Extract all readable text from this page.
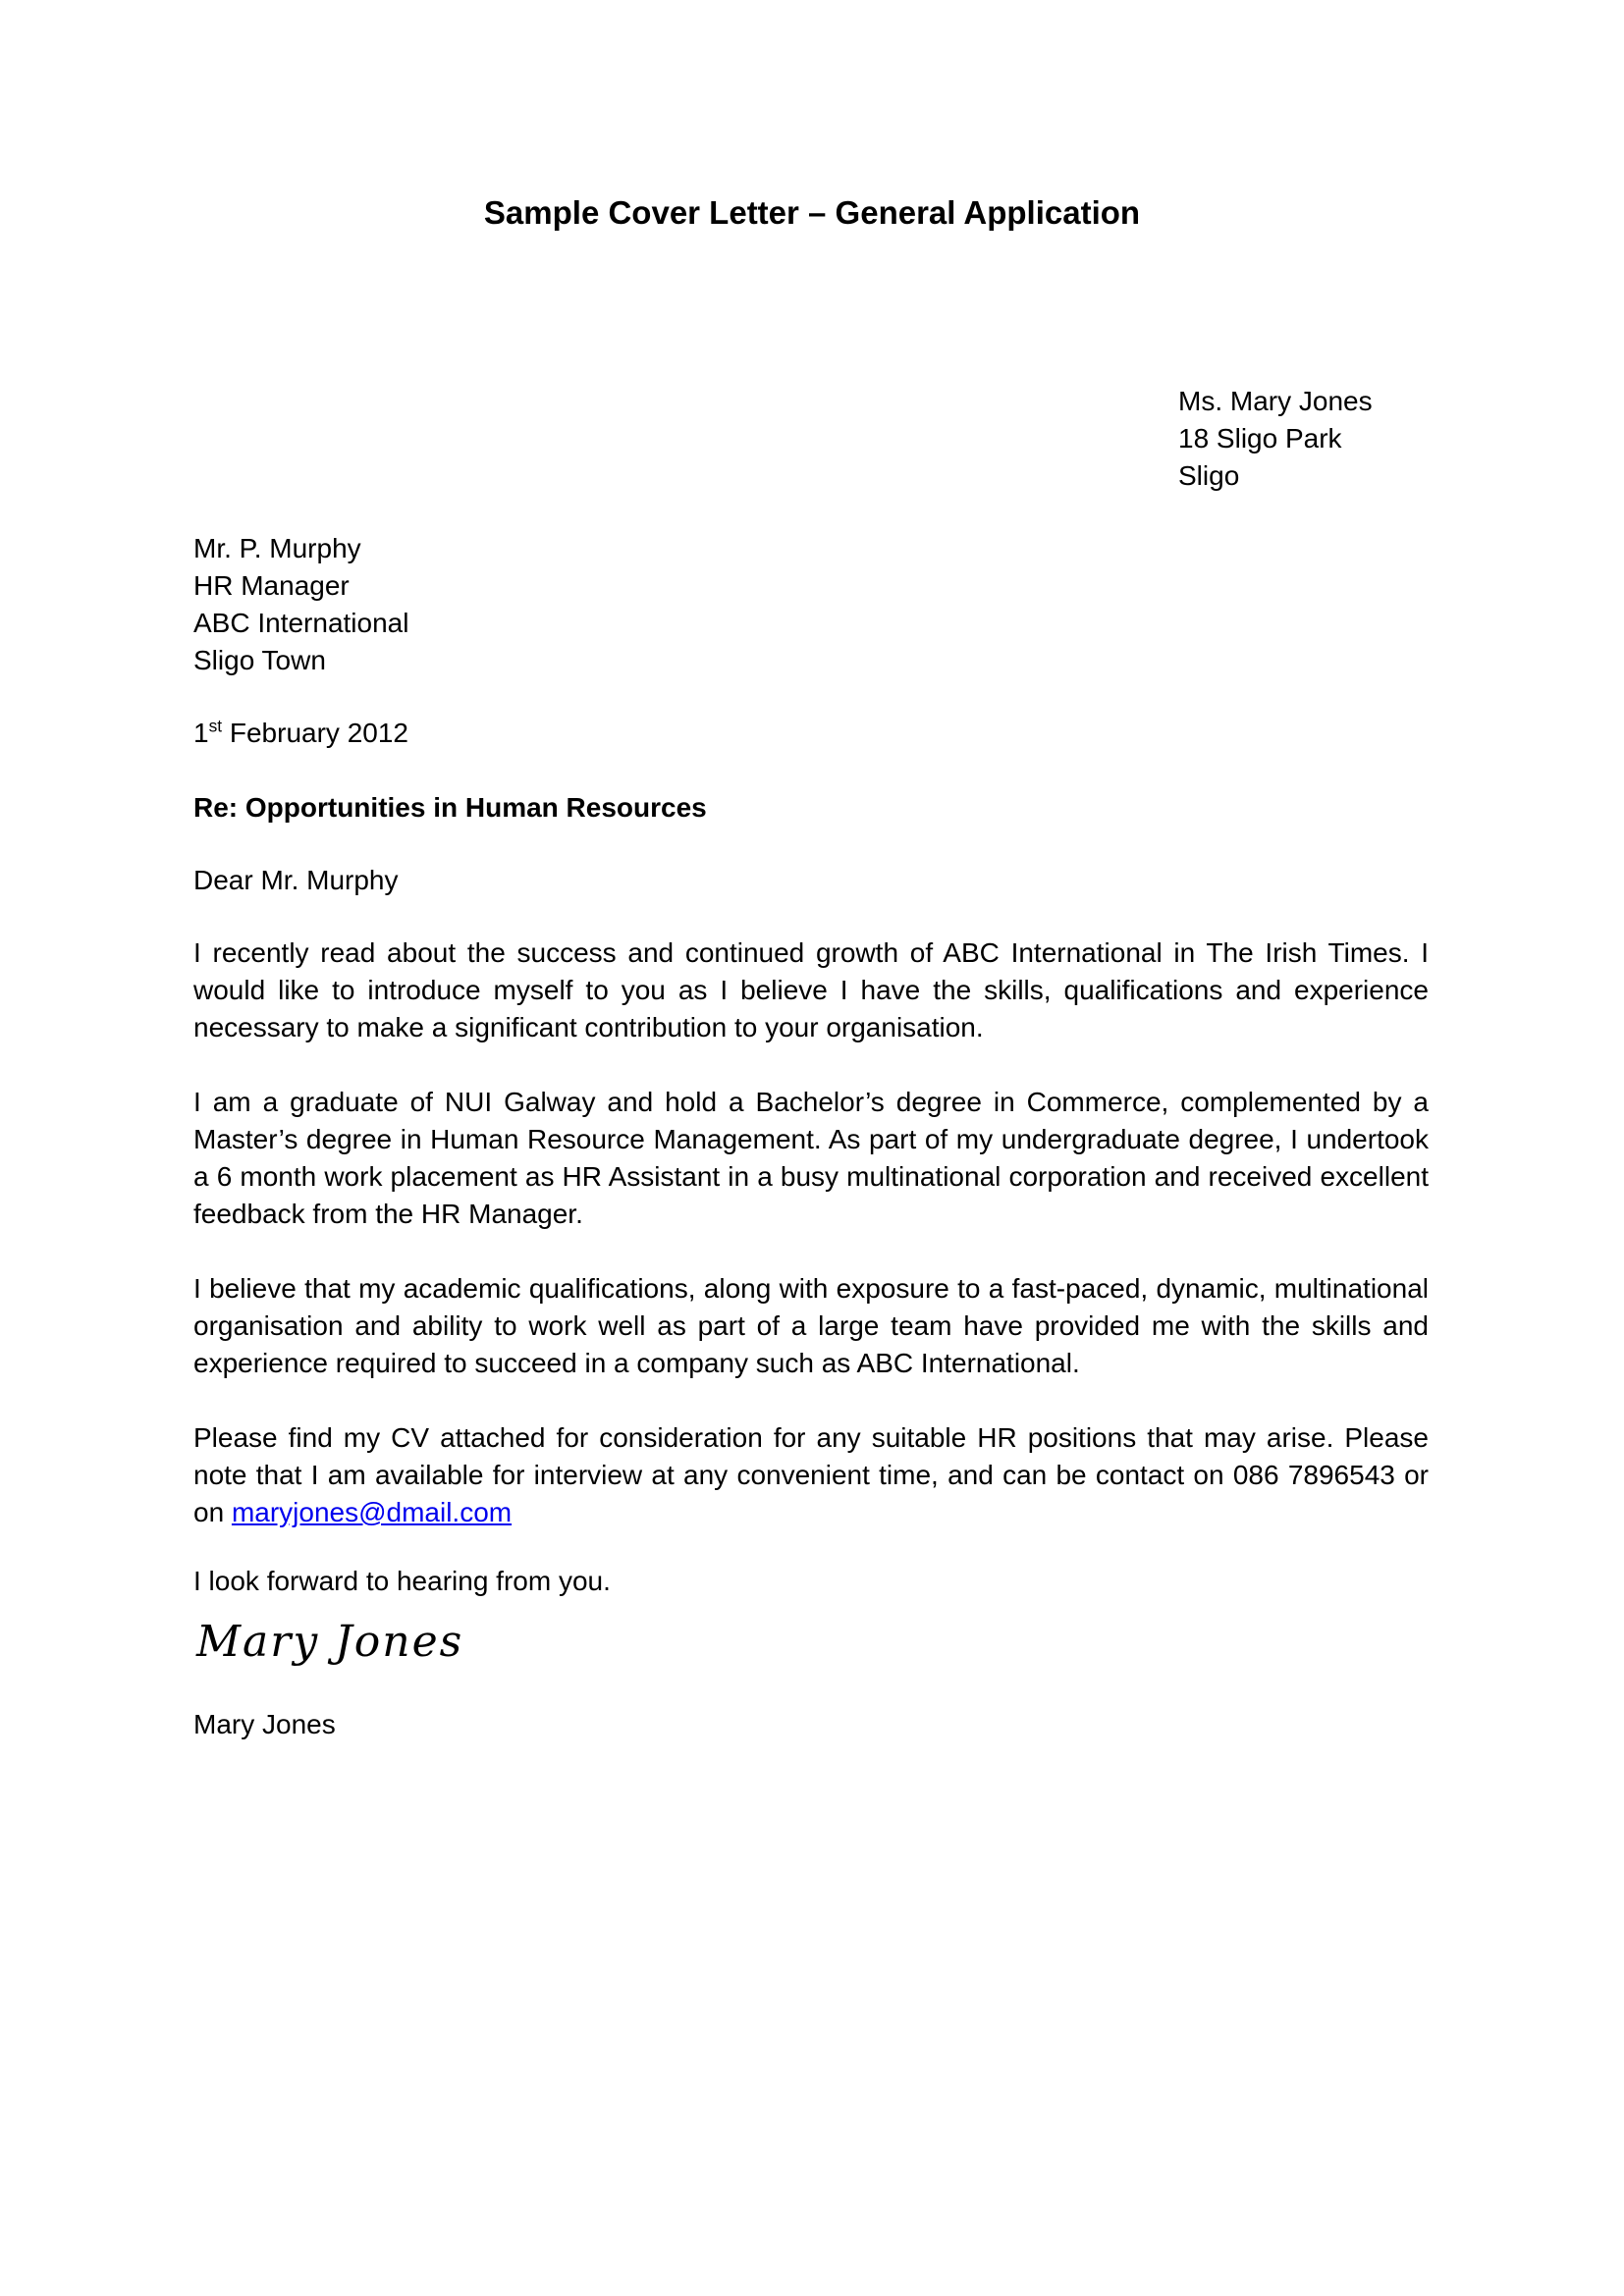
Sample Cover Letter – General Application
Ms. Mary Jones
18 Sligo Park
Sligo
Mr. P. Murphy
HR Manager
ABC International
Sligo Town
1st February 2012
Re: Opportunities in Human Resources
Dear Mr. Murphy

I recently read about the success and continued growth of ABC International in The Irish Times. I would like to introduce myself to you as I believe I have the skills, qualifications and experience necessary to make a significant contribution to your organisation.

I am a graduate of NUI Galway and hold a Bachelor’s degree in Commerce, complemented by a Master’s degree in Human Resource Management. As part of my undergraduate degree, I undertook a 6 month work placement as HR Assistant in a busy multinational corporation and received excellent feedback from the HR Manager.

I believe that my academic qualifications, along with exposure to a fast-paced, dynamic, multinational organisation and ability to work well as part of a large team have provided me with the skills and experience required to succeed in a company such as ABC International.

Please find my CV attached for consideration for any suitable HR positions that may arise. Please note that I am available for interview at any convenient time, and can be contact on 086 7896543 or on maryjones@dmail.com

I look forward to hearing from you.
Mary Jones
Mary Jones
